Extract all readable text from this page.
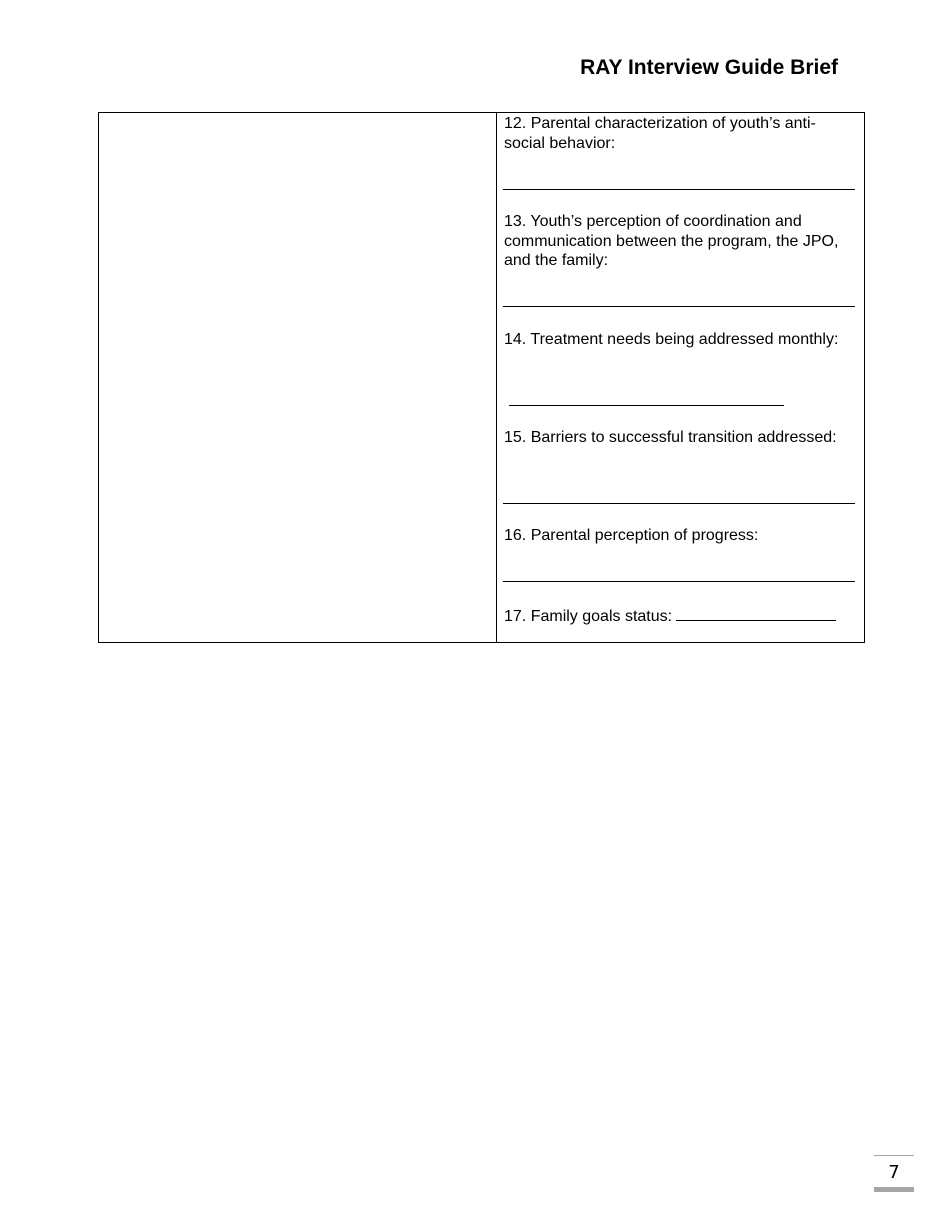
RAY Interview Guide Brief
12. Parental characterization of youth’s anti-social behavior:
13. Youth’s perception of coordination and communication between the program, the JPO, and the family:
14. Treatment needs being addressed monthly:
15. Barriers to successful transition addressed:
16. Parental perception of progress:
17. Family goals status:
7
